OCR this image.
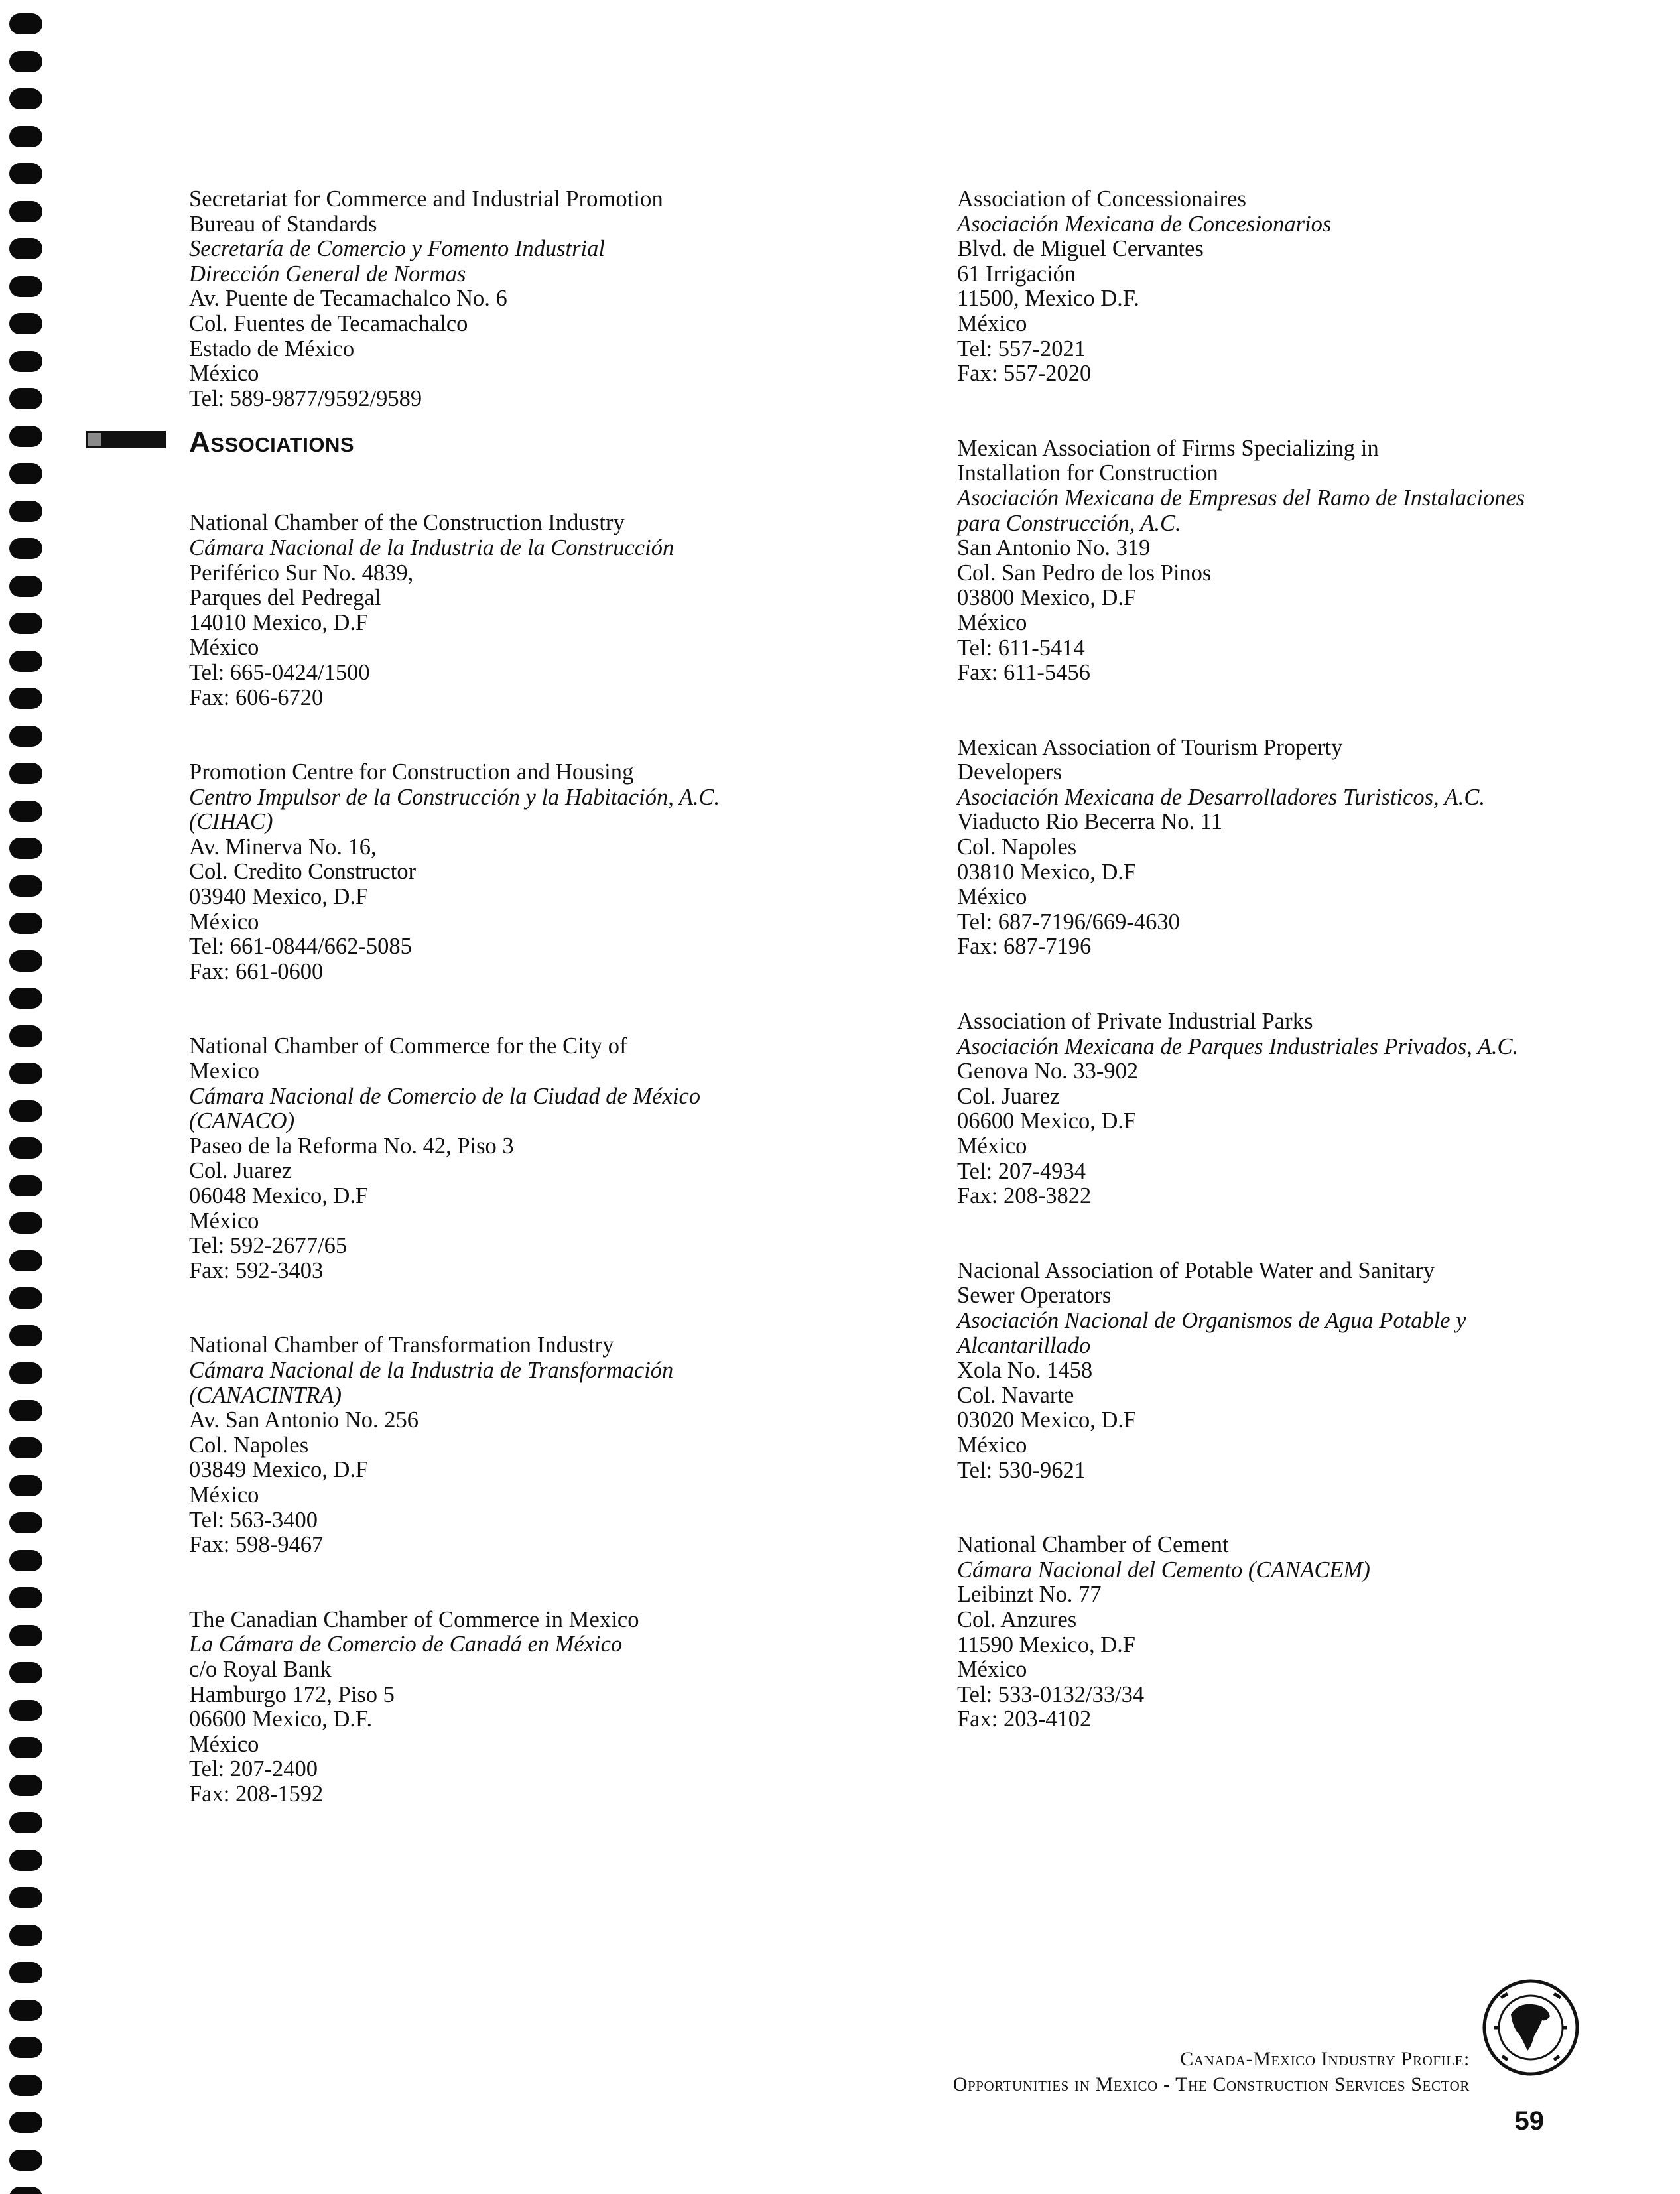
Secretariat for Commerce and Industrial Promotion
Bureau of Standards
Secretaría de Comercio y Fomento Industrial
Dirección General de Normas
Av. Puente de Tecamachalco No. 6
Col. Fuentes de Tecamachalco
Estado de México
México
Tel: 589-9877/9592/9589
Associations
National Chamber of the Construction Industry
Cámara Nacional de la Industria de la Construcción
Periférico Sur No. 4839,
Parques del Pedregal
14010 Mexico, D.F
México
Tel: 665-0424/1500
Fax: 606-6720
Promotion Centre for Construction and Housing
Centro Impulsor de la Construcción y la Habitación, A.C.
(CIHAC)
Av. Minerva No. 16,
Col. Credito Constructor
03940 Mexico, D.F
México
Tel: 661-0844/662-5085
Fax: 661-0600
National Chamber of Commerce for the City of
Mexico
Cámara Nacional de Comercio de la Ciudad de México
(CANACO)
Paseo de la Reforma No. 42, Piso 3
Col. Juarez
06048 Mexico, D.F
México
Tel: 592-2677/65
Fax: 592-3403
National Chamber of Transformation Industry
Cámara Nacional de la Industria de Transformación
(CANACINTRA)
Av. San Antonio No. 256
Col. Napoles
03849 Mexico, D.F
México
Tel: 563-3400
Fax: 598-9467
The Canadian Chamber of Commerce in Mexico
La Cámara de Comercio de Canadá en México
c/o Royal Bank
Hamburgo 172, Piso 5
06600 Mexico, D.F.
México
Tel: 207-2400
Fax: 208-1592
Association of Concessionaires
Asociación Mexicana de Concesionarios
Blvd. de Miguel Cervantes
61 Irrigación
11500, Mexico D.F.
México
Tel: 557-2021
Fax: 557-2020
Mexican Association of Firms Specializing in
Installation for Construction
Asociación Mexicana de Empresas del Ramo de Instalaciones
para Construcción, A.C.
San Antonio No. 319
Col. San Pedro de los Pinos
03800 Mexico, D.F
México
Tel: 611-5414
Fax: 611-5456
Mexican Association of Tourism Property
Developers
Asociación Mexicana de Desarrolladores Turisticos, A.C.
Viaducto Rio Becerra No. 11
Col. Napoles
03810 Mexico, D.F
México
Tel: 687-7196/669-4630
Fax: 687-7196
Association of Private Industrial Parks
Asociación Mexicana de Parques Industriales Privados, A.C.
Genova No. 33-902
Col. Juarez
06600 Mexico, D.F
México
Tel: 207-4934
Fax: 208-3822
Nacional Association of Potable Water and Sanitary
Sewer Operators
Asociación Nacional de Organismos de Agua Potable y
Alcantarillado
Xola No. 1458
Col. Navarte
03020 Mexico, D.F
México
Tel: 530-9621
National Chamber of Cement
Cámara Nacional del Cemento (CANACEM)
Leibinzt No. 77
Col. Anzures
11590 Mexico, D.F
México
Tel: 533-0132/33/34
Fax: 203-4102
Canada-Mexico Industry Profile:
Opportunities in Mexico - The Construction Services Sector
59
